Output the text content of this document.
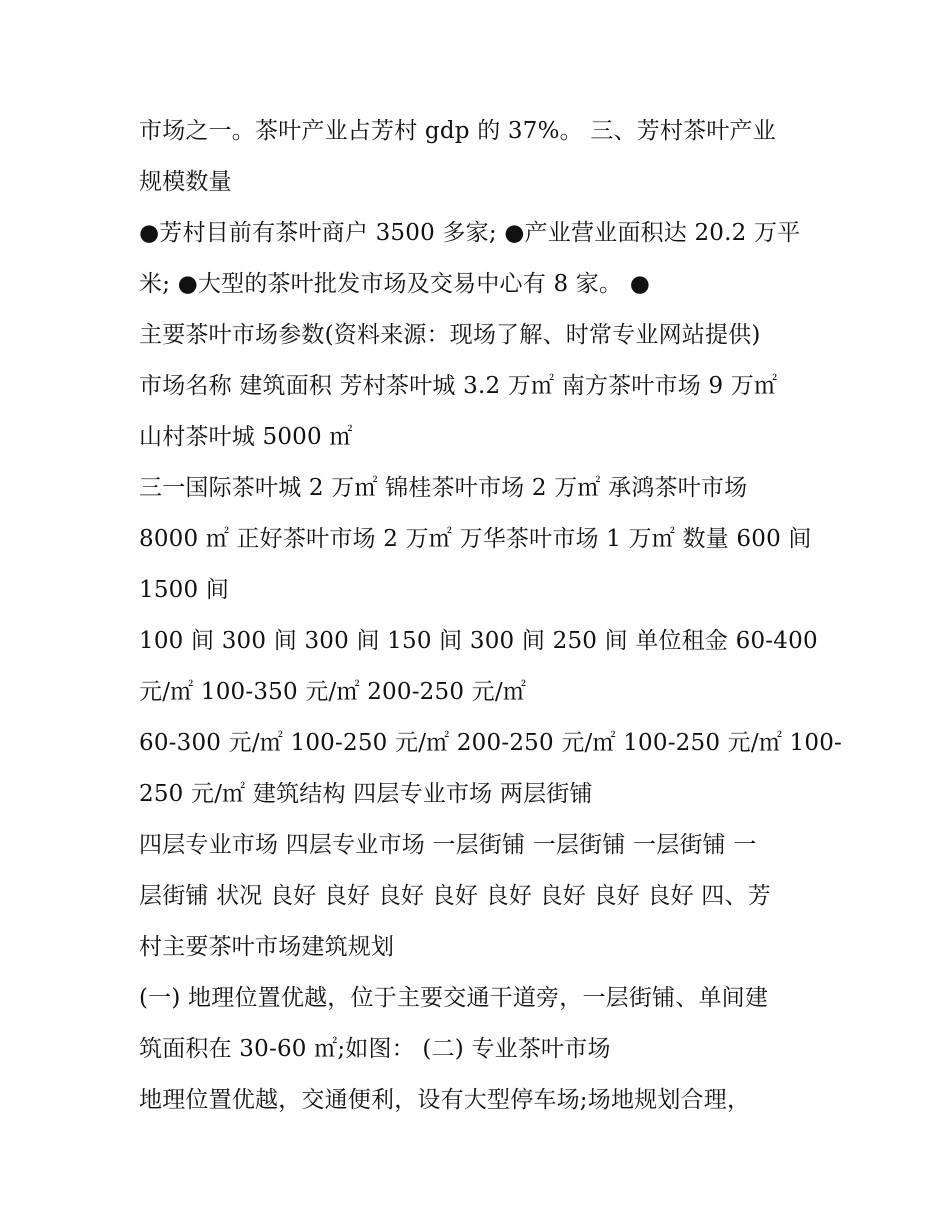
市场之一。茶叶产业占芳村 gdp 的 37%。 三、芳村茶叶产业
规模数量
●芳村目前有茶叶商户 3500 多家; ●产业营业面积达 20.2 万平
米; ●大型的茶叶批发市场及交易中心有 8 家。 ●
主要茶叶市场参数(资料来源：现场了解、时常专业网站提供)
市场名称 建筑面积 芳村茶叶城 3.2 万㎡ 南方茶叶市场 9 万㎡
山村茶叶城 5000 ㎡
三一国际茶叶城 2 万㎡ 锦桂茶叶市场 2 万㎡ 承鸿茶叶市场
8000 ㎡ 正好茶叶市场 2 万㎡ 万华茶叶市场 1 万㎡ 数量 600 间
1500 间
100 间 300 间 300 间 150 间 300 间 250 间 单位租金 60-400
元/㎡ 100-350 元/㎡ 200-250 元/㎡
60-300 元/㎡ 100-250 元/㎡ 200-250 元/㎡ 100-250 元/㎡ 100-
250 元/㎡ 建筑结构 四层专业市场 两层街铺
四层专业市场 四层专业市场 一层街铺 一层街铺 一层街铺 一
层街铺 状况 良好 良好 良好 良好 良好 良好 良好 良好 四、芳
村主要茶叶市场建筑规划
(一) 地理位置优越，位于主要交通干道旁，一层街铺、单间建
筑面积在 30-60 ㎡;如图： (二) 专业茶叶市场
地理位置优越，交通便利，设有大型停车场;场地规划合理，
